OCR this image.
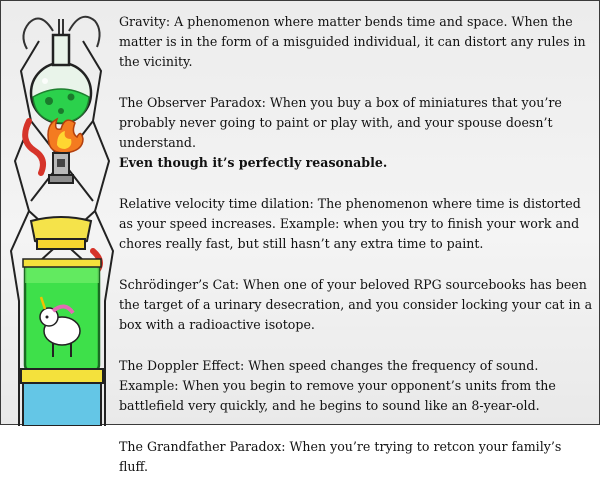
Gravity: A phenomenon where matter bends time and space. When the matter is in the form of a misguided individual, it can distort any rules in the vicinity.

The Observer Paradox: When you buy a box of miniatures that you’re probably never going to paint or play with, and your spouse doesn’t understand.

Even though it’s perfectly reasonable.

Relative velocity time dilation: The phenomenon where time is distorted as your speed increases. Example: when you try to finish your work and chores really fast, but still hasn’t any extra time to paint.

Schrödinger’s Cat: When one of your beloved RPG sourcebooks has been the target of a urinary desecration, and you consider locking your cat in a box with a radioactive isotope.

The Doppler Effect: When speed changes the frequency of sound.

Example: When you begin to remove your opponent’s units from the battlefield very quickly, and he begins to sound like an 8-year-old.

The Grandfather Paradox: When you’re trying to retcon your family’s fluff.
